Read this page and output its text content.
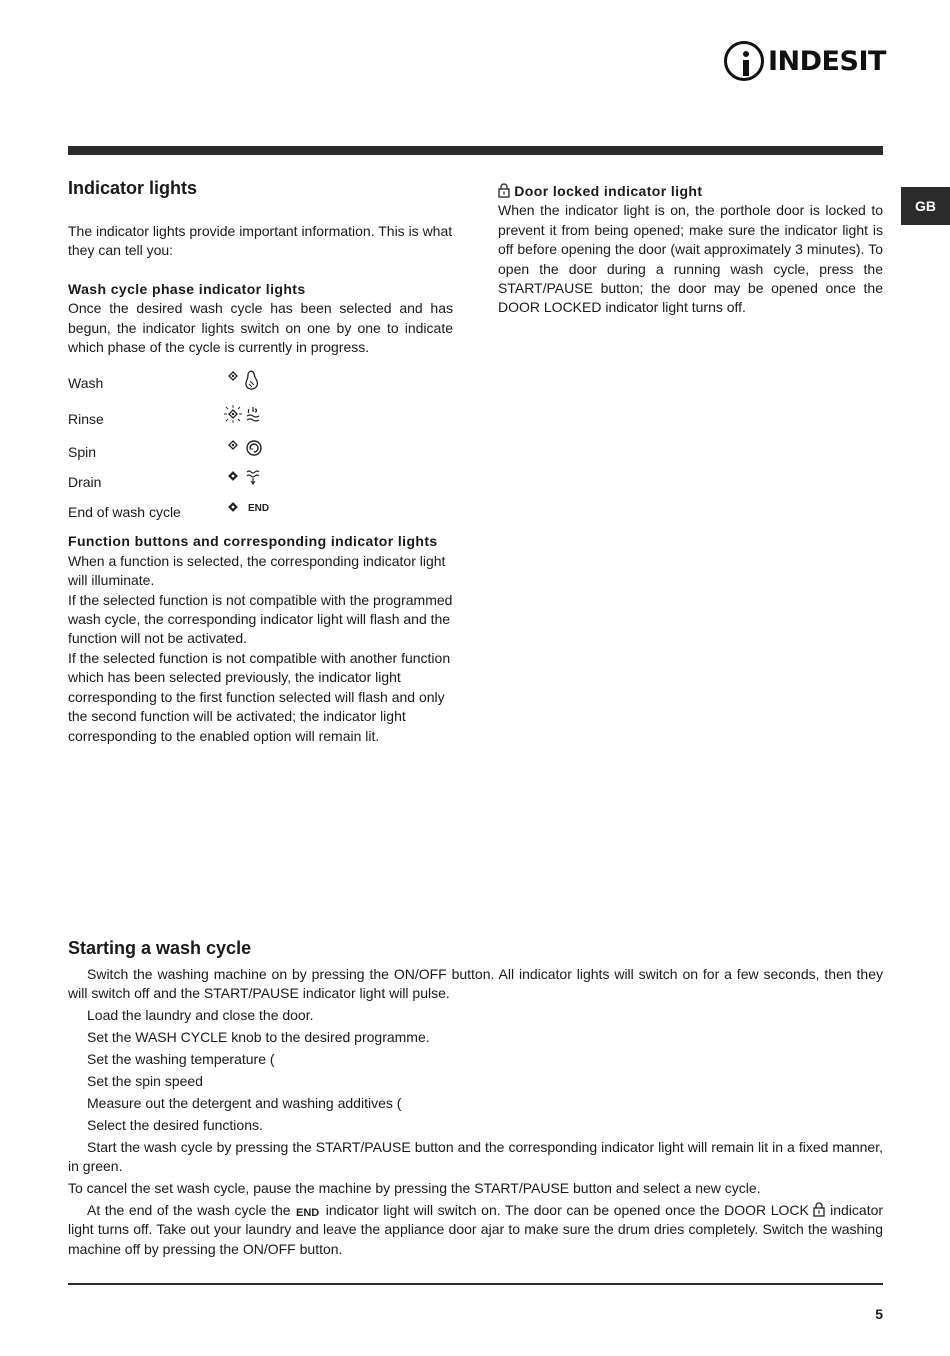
INDESIT
GB
Indicator lights

The indicator lights provide important information. This is what they can tell you:

Wash cycle phase indicator lights

Once the desired wash cycle has been selected and has begun, the indicator lights switch on one by one to indicate which phase of the cycle is currently in progress.

Wash
Rinse
Spin
Drain
End of wash cycle	END

Function buttons and corresponding indicator lights

When a function is selected, the corresponding indicator light will illuminate.

If the selected function is not compatible with the programmed wash cycle, the corresponding indicator light will flash and the function will not be activated.

If the selected function is not compatible with another function which has been selected previously, the indicator light corresponding to the first function selected will flash and only the second function will be activated; the indicator light corresponding to the enabled option will remain lit.

Door locked indicator light

When the indicator light is on, the porthole door is locked to prevent it from being opened; make sure the indicator light is off before opening the door (wait approximately 3 minutes). To open the door during a running wash cycle, press the START/PAUSE button; the door may be opened once the DOOR LOCKED indicator light turns off.

Starting a wash cycle

Switch the washing machine on by pressing the ON/OFF button. All indicator lights will switch on for a few seconds, then they will switch off and the START/PAUSE indicator light will pulse.

Load the laundry and close the door.

Set the WASH CYCLE knob to the desired programme.

Set the washing temperature (

Set the spin speed

Measure out the detergent and washing additives (

Select the desired functions.

Start the wash cycle by pressing the START/PAUSE button and the corresponding indicator light will remain lit in a fixed manner, in green.

To cancel the set wash cycle, pause the machine by pressing the START/PAUSE button and select a new cycle.

At the end of the wash cycle the END indicator light will switch on. The door can be opened once the DOOR LOCK indicator light turns off. Take out your laundry and leave the appliance door ajar to make sure the drum dries completely. Switch the washing machine off by pressing the ON/OFF button.

5
